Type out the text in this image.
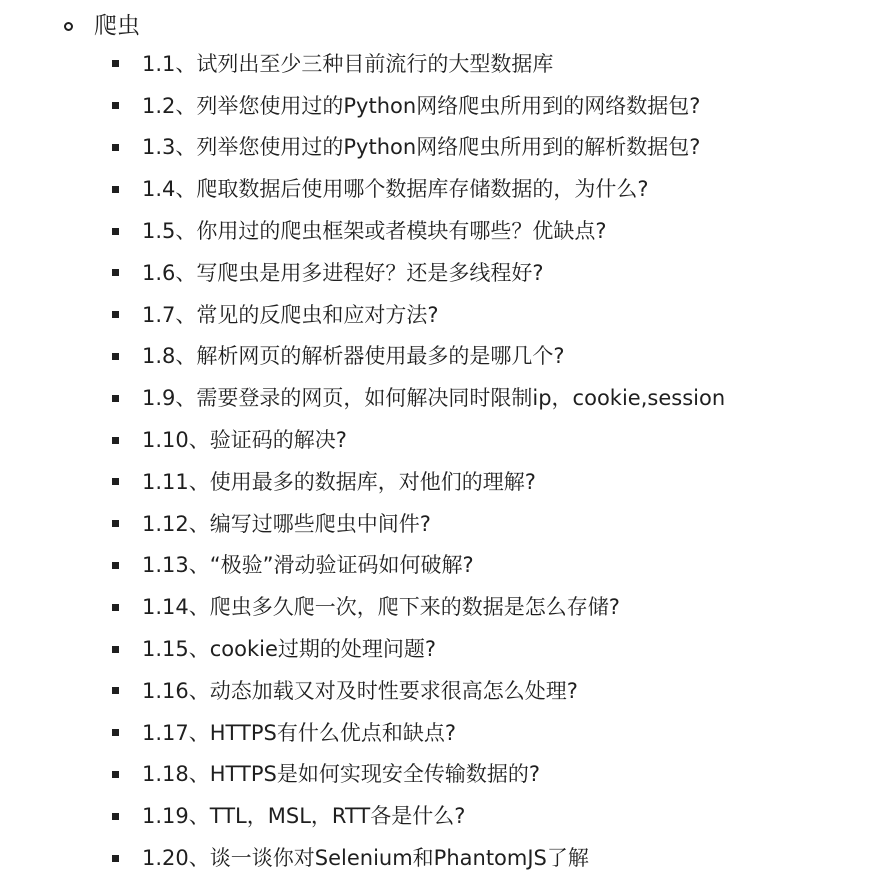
爬虫
1.1、试列出至少三种目前流行的大型数据库
1.2、列举您使用过的Python网络爬虫所用到的网络数据包?
1.3、列举您使用过的Python网络爬虫所用到的解析数据包?
1.4、爬取数据后使用哪个数据库存储数据的，为什么?
1.5、你用过的爬虫框架或者模块有哪些？优缺点?
1.6、写爬虫是用多进程好？还是多线程好?
1.7、常见的反爬虫和应对方法?
1.8、解析网页的解析器使用最多的是哪几个?
1.9、需要登录的网页，如何解决同时限制ip，cookie,session
1.10、验证码的解决?
1.11、使用最多的数据库，对他们的理解?
1.12、编写过哪些爬虫中间件?
1.13、“极验”滑动验证码如何破解?
1.14、爬虫多久爬一次，爬下来的数据是怎么存储?
1.15、cookie过期的处理问题?
1.16、动态加载又对及时性要求很高怎么处理?
1.17、HTTPS有什么优点和缺点?
1.18、HTTPS是如何实现安全传输数据的?
1.19、TTL，MSL，RTT各是什么?
1.20、谈一谈你对Selenium和PhantomJS了解
